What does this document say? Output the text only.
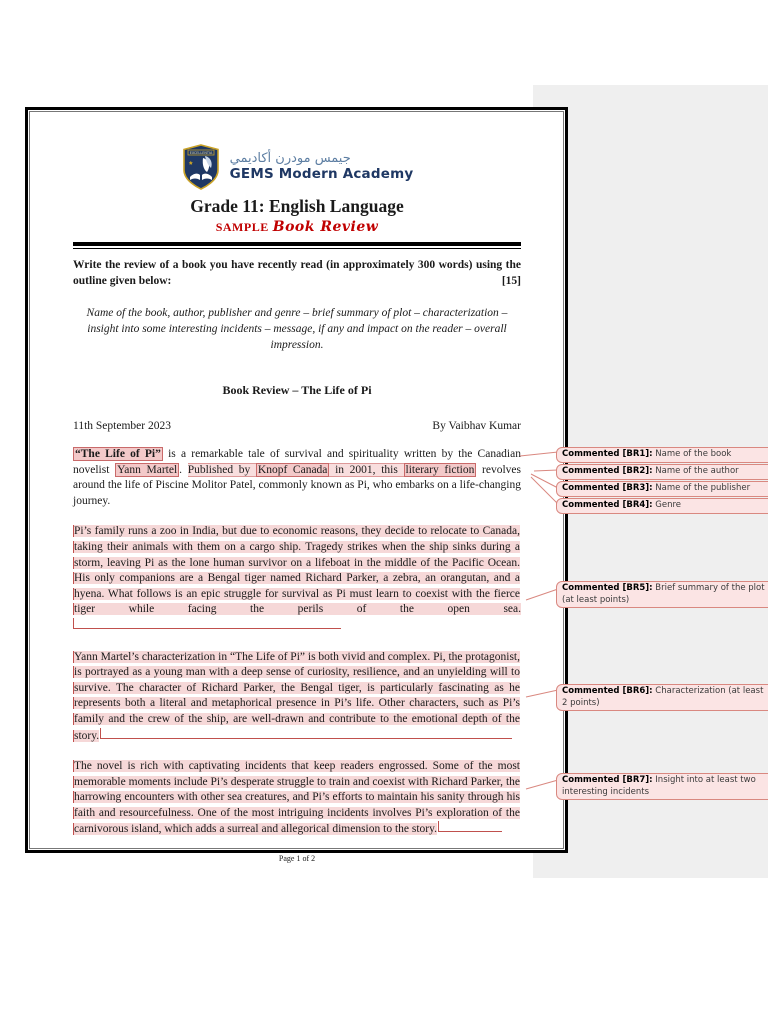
EXCELLENTIA جيمس مودرن أكاديمي
GEMS Modern Academy
Grade 11: English Language
SAMPLE Book Review

Write the review of a book you have recently read (in approximately 300 words) using the outline given below:	[15]

Name of the book, author, publisher and genre – brief summary of plot – characterization – insight into some interesting incidents – message, if any and impact on the reader – overall impression.

Book Review – The Life of Pi
11th September 2023	By Vaibhav Kumar

“The Life of Pi” is a remarkable tale of survival and spirituality written by the Canadian novelist Yann Martel . Published by Knopf Canada in 2001, this literary fiction revolves around the life of Piscine Molitor Patel, commonly known as Pi, who embarks on a life-changing journey.

Pi’s family runs a zoo in India, but due to economic reasons, they decide to relocate to Canada, taking their animals with them on a cargo ship. Tragedy strikes when the ship sinks during a storm, leaving Pi as the lone human survivor on a lifeboat in the middle of the Pacific Ocean. His only companions are a Bengal tiger named Richard Parker, a zebra, an orangutan, and a hyena. What follows is an epic struggle for survival as Pi must learn to coexist with the fierce tiger while facing the perils of the open sea.

Yann Martel’s characterization in “The Life of Pi” is both vivid and complex. Pi, the protagonist, is portrayed as a young man with a deep sense of curiosity, resilience, and an unyielding will to survive. The character of Richard Parker, the Bengal tiger, is particularly fascinating as he represents both a literal and metaphorical presence in Pi’s life. Other characters, such as Pi’s family and the crew of the ship, are well-drawn and contribute to the emotional depth of the story.

The novel is rich with captivating incidents that keep readers engrossed. Some of the most memorable moments include Pi’s desperate struggle to train and coexist with Richard Parker, the harrowing encounters with other sea creatures, and Pi’s efforts to maintain his sanity through his faith and resourcefulness. One of the most intriguing incidents involves Pi’s exploration of the carnivorous island, which adds a surreal and allegorical dimension to the story.

Page 1 of 2
Commented [BR1]: Name of the book
Commented [BR2]: Name of the author
Commented [BR3]: Name of the publisher
Commented [BR4]: Genre
Commented [BR5]: Brief summary of the plot (at least points)
Commented [BR6]: Characterization (at least 2 points)
Commented [BR7]: Insight into at least two interesting incidents
